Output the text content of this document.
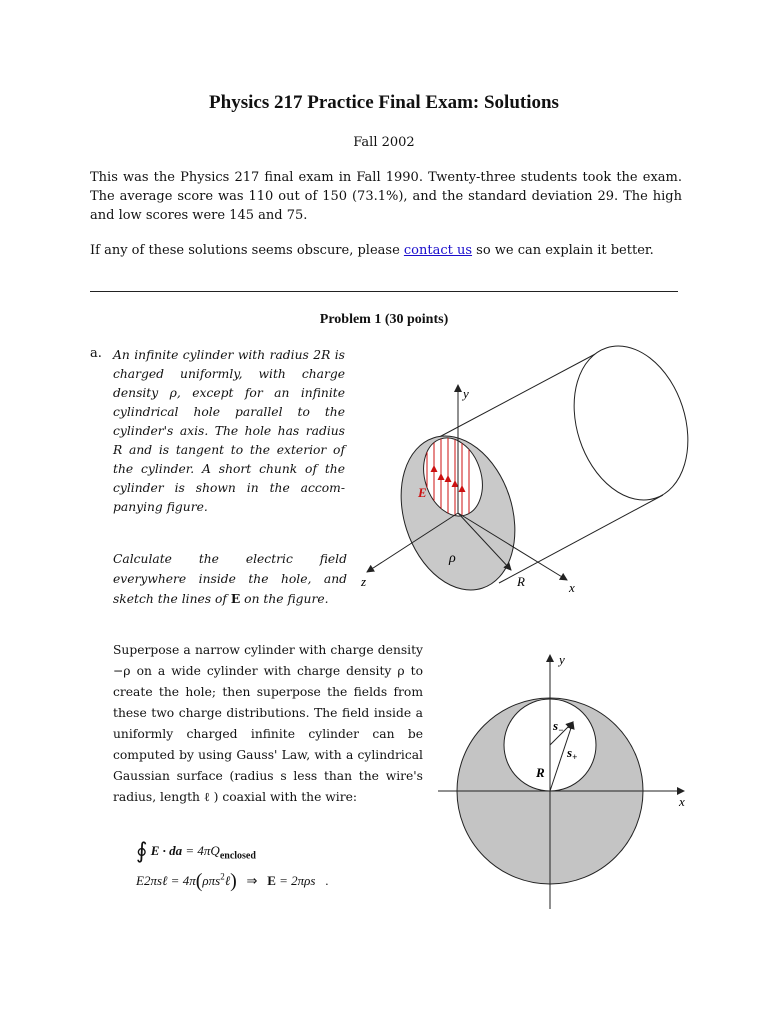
Physics 217 Practice Final Exam: Solutions
Fall 2002
This was the Physics 217 final exam in Fall 1990. Twenty-three students took the exam. The average score was 110 out of 150 (73.1%), and the standard deviation 29. The high and low scores were 145 and 75.
If any of these solutions seems obscure, please contact us so we can explain it better.
Problem 1 (30 points)
a. An infinite cylinder with radius 2R is charged uniformly, with charge density ρ, except for an infinite cylindrical hole parallel to the cylinder's axis. The hole has radius R and is tangent to the exterior of the cylinder. A short chunk of the cylinder is shown in the accom-panying figure.
Calculate the electric field everywhere inside the hole, and sketch the lines of E on the figure.
Superpose a narrow cylinder with charge density −ρ on a wide cylinder with charge density ρ to create the hole; then superpose the fields from these two charge distributions. The field inside a uniformly charged infinite cylinder can be computed by using Gauss' Law, with a cylindrical Gaussian surface (radius s less than the wire's radius, length ℓ ) coaxial with the wire:
∮ E · da = $4\pi Q_{enclosed}$
E2πsℓ = 4π(ρπs$^2$ℓ) ⇒ E = 2πρs .
y
z	x
R
ρ
E
y
x
R
$s_-$
$s_+$
